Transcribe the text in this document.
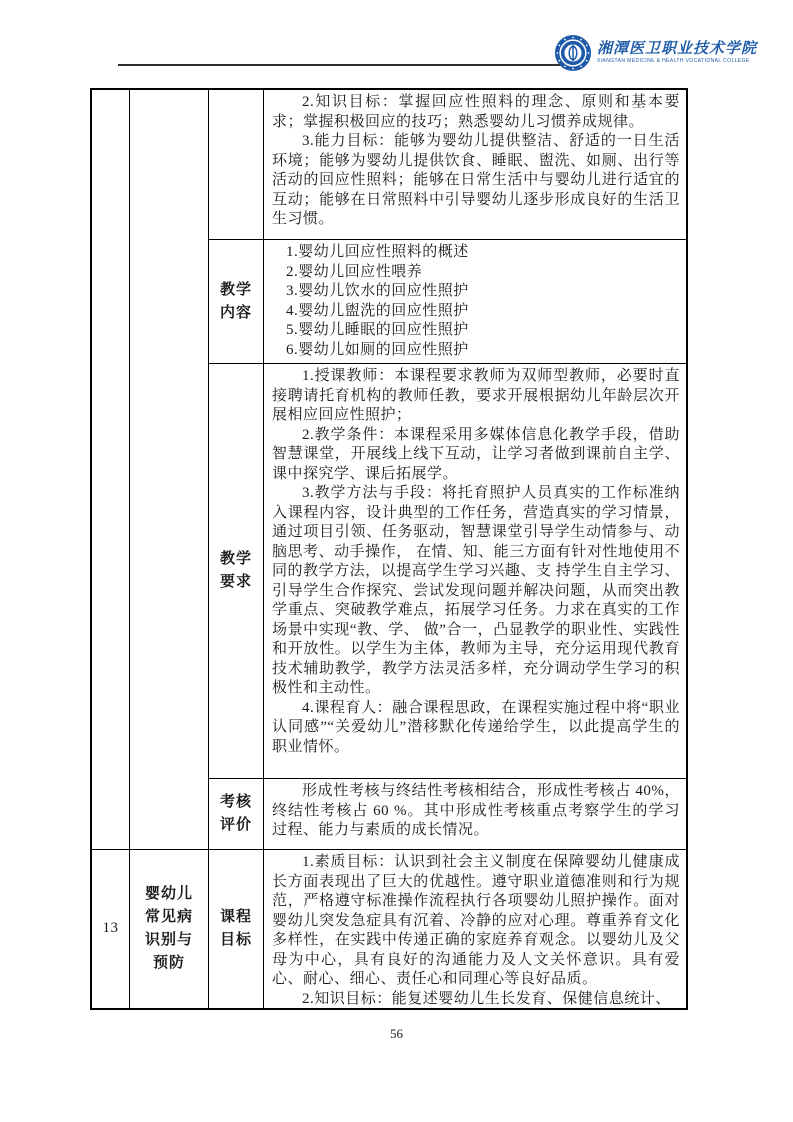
湘潭医卫职业技术学院
XIANGTAN MEDICINE & HEALTH VOCATIONAL COLLEGE

2.知识目标：掌握回应性照料的理念、原则和基本要求；掌握积极回应的技巧；熟悉婴幼儿习惯养成规律。

3.能力目标：能够为婴幼儿提供整洁、舒适的一日生活环境；能够为婴幼儿提供饮食、睡眠、盥洗、如厕、出行等活动的回应性照料；能够在日常生活中与婴幼儿进行适宜的互动；能够在日常照料中引导婴幼儿逐步形成良好的生活卫生习惯。

教学内容
1.婴幼儿回应性照料的概述
2.婴幼儿回应性喂养
3.婴幼儿饮水的回应性照护
4.婴幼儿盥洗的回应性照护
5.婴幼儿睡眠的回应性照护
6.婴幼儿如厕的回应性照护
教学要求

1.授课教师：本课程要求教师为双师型教师，必要时直接聘请托育机构的教师任教，要求开展根据幼儿年龄层次开展相应回应性照护；

2.教学条件：本课程采用多媒体信息化教学手段，借助智慧课堂，开展线上线下互动，让学习者做到课前自主学、课中探究学、课后拓展学。

3.教学方法与手段：将托育照护人员真实的工作标准纳入课程内容，设计典型的工作任务，营造真实的学习情景，通过项目引领、任务驱动，智慧课堂引导学生动情参与、动脑思考、动手操作， 在情、知、能三方面有针对性地使用不同的教学方法，以提高学生学习兴趣、支 持学生自主学习、引导学生合作探究、尝试发现问题并解决问题，从而突出教学重点、突破教学难点，拓展学习任务。力求在真实的工作场景中实现“教、学、 做”合一，凸显教学的职业性、实践性和开放性。以学生为主体，教师为主导，充分运用现代教育技术辅助教学，教学方法灵活多样，充分调动学生学习的积极性和主动性。

4.课程育人：融合课程思政，在课程实施过程中将“职业认同感”“关爱幼儿”潜移默化传递给学生，以此提高学生的职业情怀。

考核评价

形成性考核与终结性考核相结合，形成性考核占 40%，终结性考核占 60 %。其中形成性考核重点考察学生的学习过程、能力与素质的成长情况。

13
婴幼儿常见病识别与预防
课程目标

1.素质目标：认识到社会主义制度在保障婴幼儿健康成长方面表现出了巨大的优越性。遵守职业道德准则和行为规范，严格遵守标准操作流程执行各项婴幼儿照护操作。面对婴幼儿突发急症具有沉着、冷静的应对心理。尊重养育文化多样性，在实践中传递正确的家庭养育观念。以婴幼儿及父母为中心，具有良好的沟通能力及人文关怀意识。具有爱心、耐心、细心、责任心和同理心等良好品质。

2.知识目标：能复述婴幼儿生长发育、保健信息统计、

56
